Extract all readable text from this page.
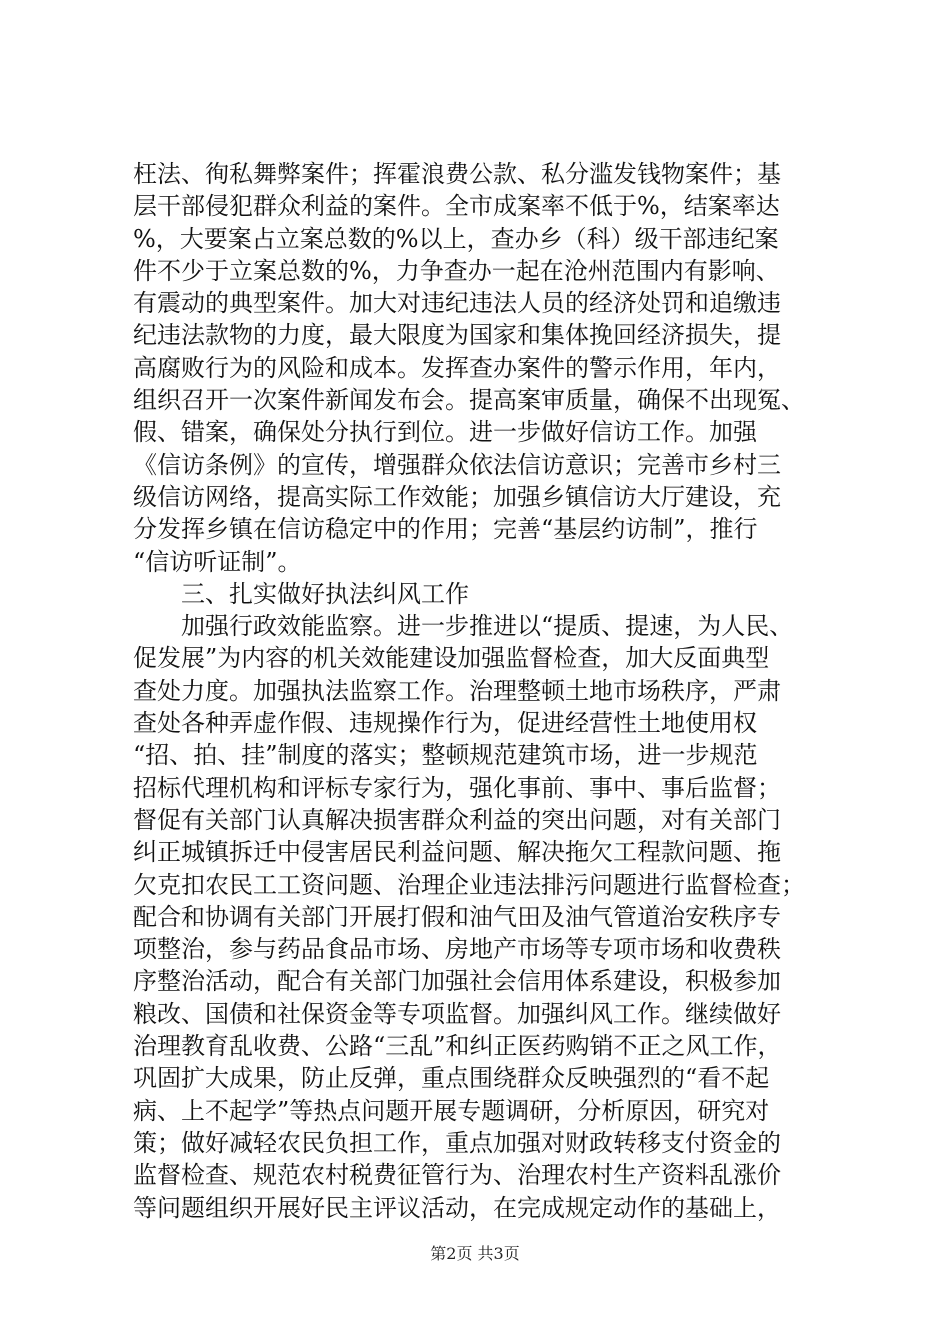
枉法、徇私舞弊案件；挥霍浪费公款、私分滥发钱物案件；基
层干部侵犯群众利益的案件。全市成案率不低于%，结案率达
%，大要案占立案总数的%以上，查办乡（科）级干部违纪案
件不少于立案总数的%，力争查办一起在沧州范围内有影响、
有震动的典型案件。加大对违纪违法人员的经济处罚和追缴违
纪违法款物的力度，最大限度为国家和集体挽回经济损失，提
高腐败行为的风险和成本。发挥查办案件的警示作用，年内，
组织召开一次案件新闻发布会。提高案审质量，确保不出现冤、
假、错案，确保处分执行到位。进一步做好信访工作。加强
《信访条例》的宣传，增强群众依法信访意识；完善市乡村三
级信访网络，提高实际工作效能；加强乡镇信访大厅建设，充
分发挥乡镇在信访稳定中的作用；完善“基层约访制”，推行
“信访听证制”。
三、扎实做好执法纠风工作
加强行政效能监察。进一步推进以“提质、提速，为人民、
促发展”为内容的机关效能建设加强监督检查，加大反面典型
查处力度。加强执法监察工作。治理整顿土地市场秩序，严肃
查处各种弄虚作假、违规操作行为，促进经营性土地使用权
“招、拍、挂”制度的落实；整顿规范建筑市场，进一步规范
招标代理机构和评标专家行为，强化事前、事中、事后监督；
督促有关部门认真解决损害群众利益的突出问题，对有关部门
纠正城镇拆迁中侵害居民利益问题、解决拖欠工程款问题、拖
欠克扣农民工工资问题、治理企业违法排污问题进行监督检查；
配合和协调有关部门开展打假和油气田及油气管道治安秩序专
项整治，参与药品食品市场、房地产市场等专项市场和收费秩
序整治活动，配合有关部门加强社会信用体系建设，积极参加
粮改、国债和社保资金等专项监督。加强纠风工作。继续做好
治理教育乱收费、公路“三乱”和纠正医药购销不正之风工作，
巩固扩大成果，防止反弹，重点围绕群众反映强烈的“看不起
病、上不起学”等热点问题开展专题调研，分析原因，研究对
策；做好减轻农民负担工作，重点加强对财政转移支付资金的
监督检查、规范农村税费征管行为、治理农村生产资料乱涨价
等问题组织开展好民主评议活动，在完成规定动作的基础上，
第2页 共3页
